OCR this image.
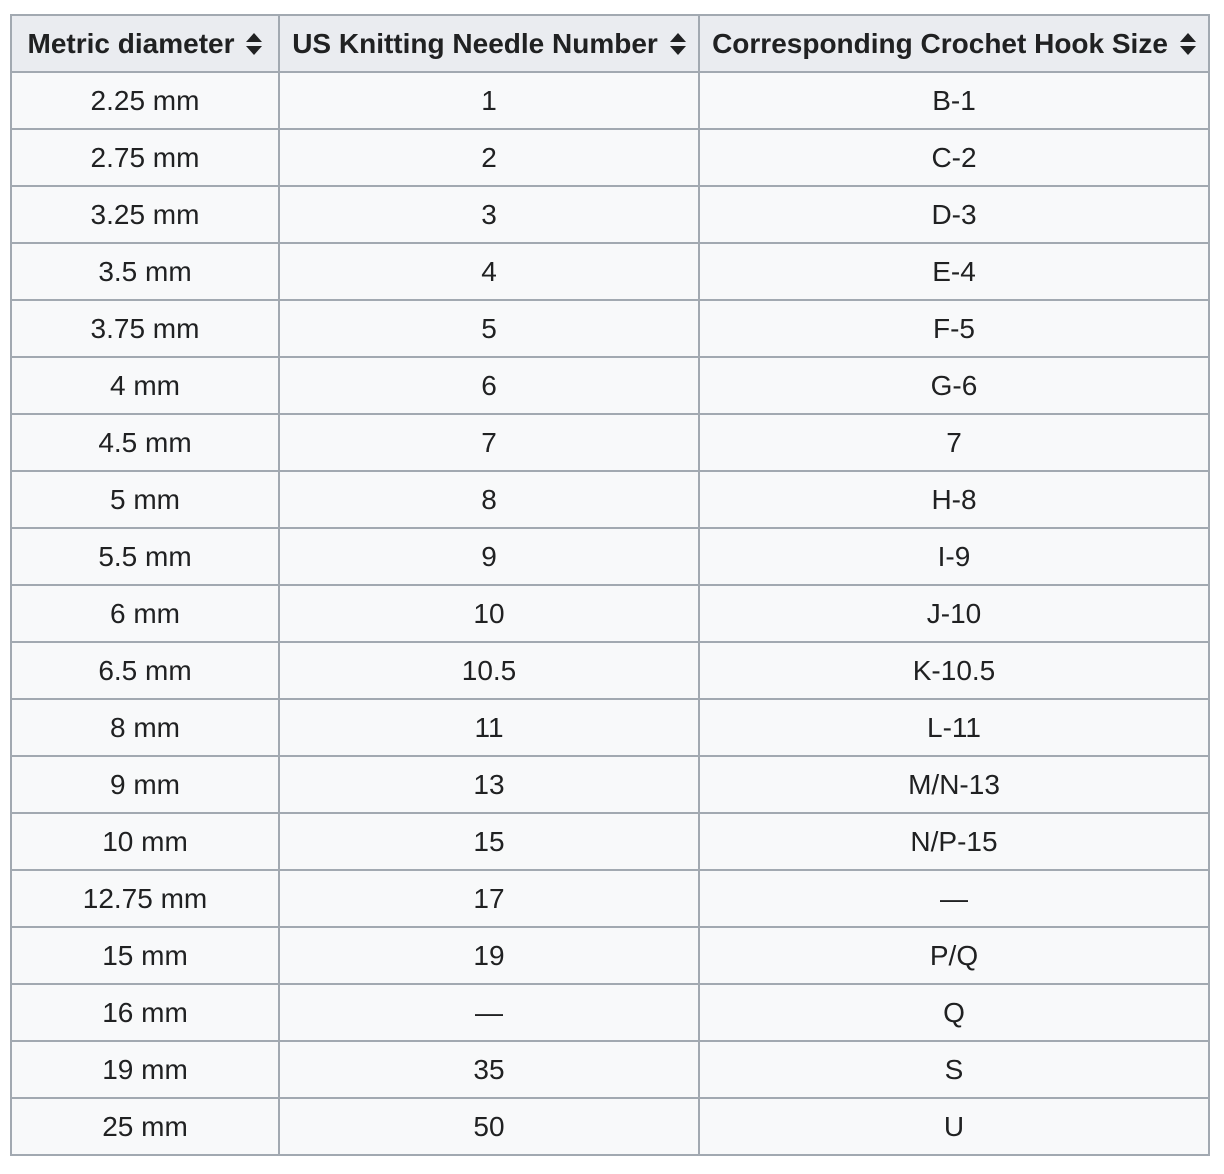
Metric diameter	US Knitting Needle Number	Corresponding Crochet Hook Size

2.25 mm	1	B-1
2.75 mm	2	C-2
3.25 mm	3	D-3
3.5 mm	4	E-4
3.75 mm	5	F-5
4 mm	6	G-6
4.5 mm	7	7
5 mm	8	H-8
5.5 mm	9	I-9
6 mm	10	J-10
6.5 mm	10.5	K-10.5
8 mm	11	L-11
9 mm	13	M/N-13
10 mm	15	N/P-15
12.75 mm	17	—
15 mm	19	P/Q
16 mm	—	Q
19 mm	35	S
25 mm	50	U
